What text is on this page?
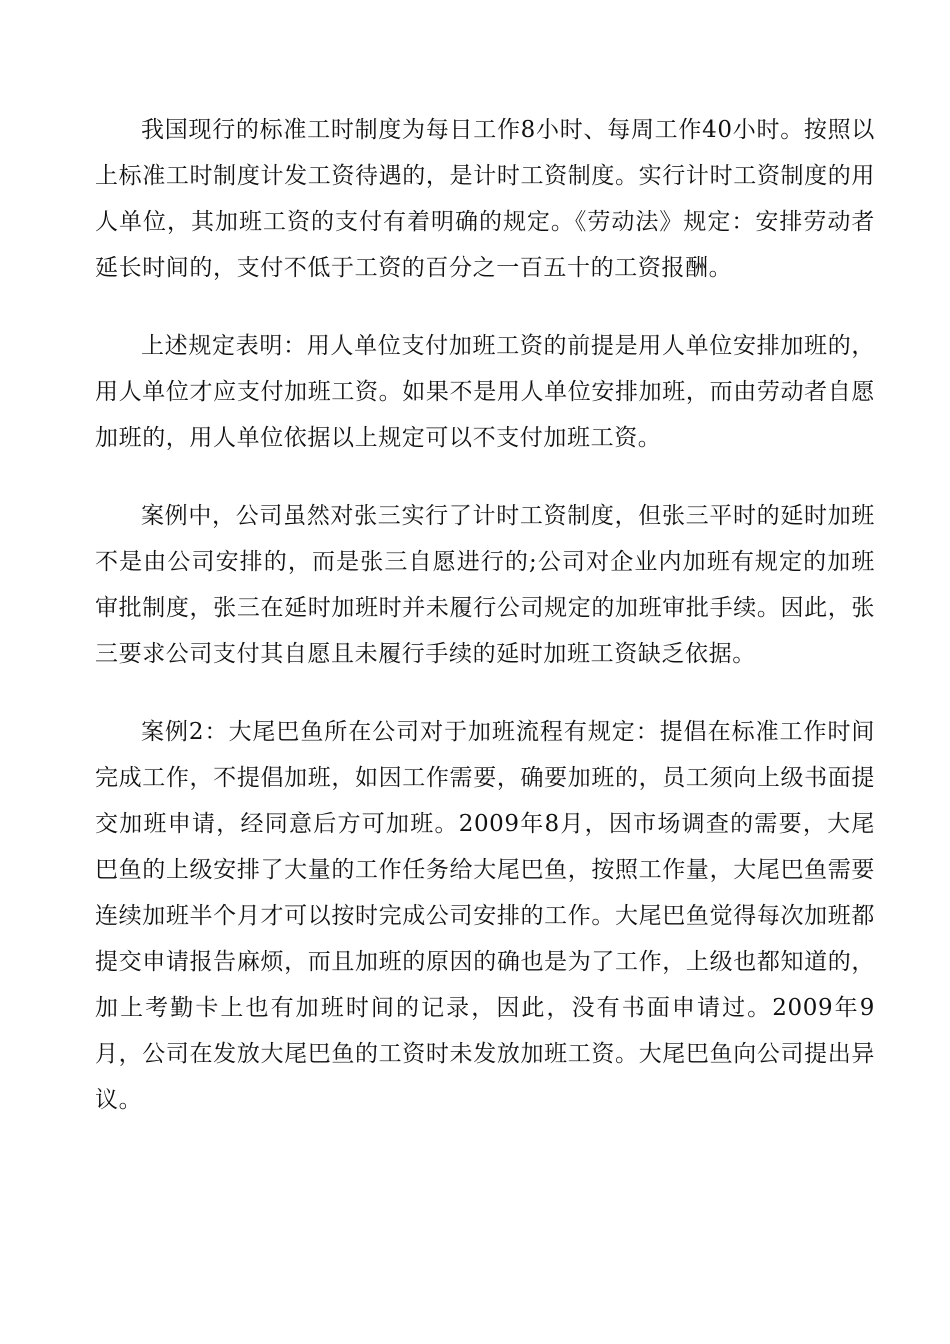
我国现行的标准工时制度为每日工作8小时、每周工作40小时。按照以上标准工时制度计发工资待遇的，是计时工资制度。实行计时工资制度的用人单位，其加班工资的支付有着明确的规定。《劳动法》规定：安排劳动者延长时间的，支付不低于工资的百分之一百五十的工资报酬。

上述规定表明：用人单位支付加班工资的前提是用人单位安排加班的，用人单位才应支付加班工资。如果不是用人单位安排加班，而由劳动者自愿加班的，用人单位依据以上规定可以不支付加班工资。

案例中，公司虽然对张三实行了计时工资制度，但张三平时的延时加班不是由公司安排的，而是张三自愿进行的;公司对企业内加班有规定的加班审批制度，张三在延时加班时并未履行公司规定的加班审批手续。因此，张三要求公司支付其自愿且未履行手续的延时加班工资缺乏依据。

案例2：大尾巴鱼所在公司对于加班流程有规定：提倡在标准工作时间完成工作，不提倡加班，如因工作需要，确要加班的，员工须向上级书面提交加班申请，经同意后方可加班。2009年8月，因市场调查的需要，大尾巴鱼的上级安排了大量的工作任务给大尾巴鱼，按照工作量，大尾巴鱼需要连续加班半个月才可以按时完成公司安排的工作。大尾巴鱼觉得每次加班都提交申请报告麻烦，而且加班的原因的确也是为了工作，上级也都知道的，加上考勤卡上也有加班时间的记录，因此，没有书面申请过。2009年9月，公司在发放大尾巴鱼的工资时未发放加班工资。大尾巴鱼向公司提出异议。
